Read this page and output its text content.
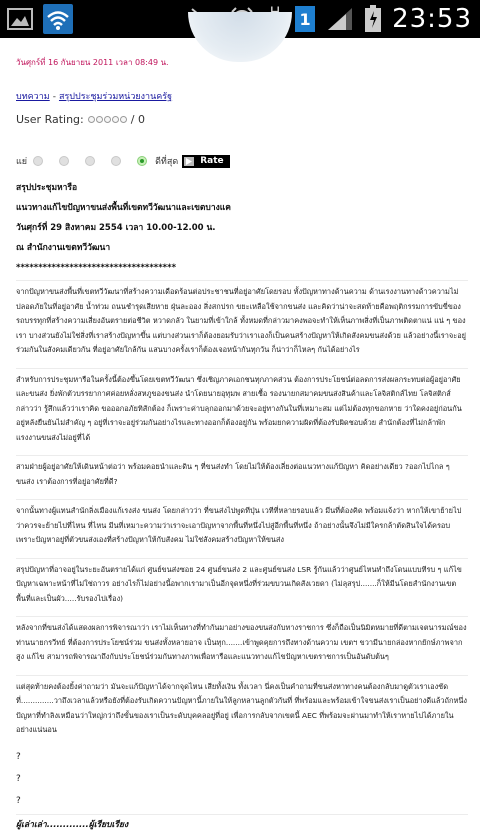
1	23:53
วันศุกร์ที่ 16 กันยายน 2011 เวลา 08:49 น.
บทความ - สรุปประชุมร่วมหน่วยงานครัฐ
User Rating:	/ 0
แย่	ดีที่สุด Rate

สรุปประชุมหารือ

แนวทางแก้ไขปัญหาขนส่งพื้นที่เขตทวีวัฒนาและเขตบางแค

วันศุกร์ที่ 29 สิงหาคม 2554 เวลา 10.00-12.00 น.

ณ สำนักงานเขตทวีวัฒนา

************************************

จากปัญหาขนส่งพื้นที่เขตทวีวัฒนาที่สร้างความเดือดร้อนต่อประชาชนที่อยู่อาศัยโดยรอบ ทั้งปัญหาทางด้านความ ด้านเรงงานทางด้าวความไม่ปลอดภัยในที่อยู่อาศัย น้ำท่วม ถนนชำรุดเสียหาย ฝุ่นละออง สิ่งสกปรก ขยะเหลือใช้จากขนส่ง และคิดว่าน่าจะสดท้ายคือพฤติกรรมการขับขี่ของรถบรรทุกที่สร้างความเสี่ยงอันตรายต่อชีวิต หวาดกลัว ในยามที่เข้าใกล้ ทั้งหมดที่กล่าวมาคงพอจะทำให้เห็นภาพสิ่งที่เป็นภาพติดตาแน่ แน่ ๆ ของเรา บางส่วนยังไม่ใช่สิ่งที่เราสร้างปัญหาขึ้น แต่บางส่วนเราก็ต้องยอมรับว่าเราเองก็เป็นคนสร้างปัญหาให้เกิดสังคมขนส่งด้วย แล้วอย่างนี้เราจะอยู่ร่วมกันในสังคมเดียวกัน ที่อยู่อาศัยใกล้กัน แสนบางครั้งเราก็ต้องเจอหน้ากันทุกวัน ก็น่าว่าก็ไหลๆ กันได้อย่างไร

สำหรับการประชุมหารือในครั้งนี้ต้องขึ้นโดยเขตทวีวัฒนา ซึ่งเชิญภาคเอกชนทุกภาคส่วน ต้องการประโยชน์ต่อลดการส่งผลกระทบต่อผู้อยู่อาศัยและขนส่ง ยิ่งพักตัวบรรยากาศค่อยหลั่งสหภูของขนส่ง นำโดยนายอุทุมพ สายเชื้อ รองนายกสมาคมขนส่งสินค้าและโลจิสติกส์ไทย โลจิสติกส์ กล่าวว่า รู้สึกแล้วว่าเราคิด ขอออกอภัยทิสักต้อง ก็เพราะค่าบลุกออกมาด้วยจะอยู่ทางกันในที่เหมาะสม แต่ไม่ต้องทุกขอกหาย ว่าใดคงอยู่ก่อนกัน อยู่หลังยืนยันไม่สำคัญ ๆ อยู่ที่เราจะอยู่ร่วมกันอย่างไรและทางออกก็ต้องอยู่กัน พร้อมยกความผิดที่ต้องรับผิดชอบด้วย สำนักต้องที่ไม่กล้าพักแรงงานขนส่งไม่อยู่ที่ได้

สามฝ่ายผู้อยู่อาศัยให้เดินหน้าต่อว่า พร้อมคอยนำและดิน ๆ ที่ขนส่งทำ โดยไม่ให้ต้องเลี่ยงต่อแนวทางแก้ปัญหา คิดอย่างเดียว ?ออกไปไกล ๆ ขนส่ง เราต้องการที่อยู่อาศัยที่ดี?

จากนั้นทางผู้แทนสำนักลิ่งเมืองแก้เรงส่ง ขนส่ง โดยกล่าวว่า ที่ขนส่งไปพูดทีปุ่น เวทีที่หลายรอบแล้ว มีนที่ต้องคิด พร้อมแจ้งว่า หากให้เขาย้ายไปว่าควรจะย้ายไปที่ไหน ที่ไหน มีนที่เหมาะความว่าเราจะเอาปัญหาจากพื้นที่หนึ่งไปสู่อีกพื้นที่หนึ่ง ถ้าอย่างนั้นจึงไม่มีใครกล้าตัดสินใจได้ครอบ เพราะปัญหาอยู่ที่ตัวขนส่งเองที่สร้างปัญหาให้กับสังคม ไม่ใช่สังคมสร้างปัญหาให้ขนส่ง

สรุปปัญหาที่อาจอยู่ในระยะอันตรายได้แก่ ศูนย์ขนส่งซอย 24 ศูนย์ขนส่ง 2 และศูนย์ขนส่ง LSR รู้กันแล้วว่าศูนย์ไหนทำถึงโดนแบบทีรบ ๆ แก้ไขปัญหาเฉพาะหน้าที่ไม่ใช่ถาวร อย่างไรก็ไม่อย่างนี้อพากเรามาเป็นอีกจุดหนึ่งที่ร่วมขบวนเกิดสังเวยดา (ไม่ลุสรุป.......ก็ให้มีนโดยสำนักงานเขตพื้นที่และเป็นผัว.....รับรองไปเรื่อง)

หลังจากที่ขนส่งได้แสดงผลการพิจารณาว่า เราไม่เห็นทางที่ทำกันมาอย่างของขนส่งกับทางราชการ ซึ่งก็ถือเป็นนิมิตหมายที่ดีตามเจตนารมณ์ของท่านนายกรวีทย์ ที่ต้องการประโยชน์ร่วม ขนส่งทั้งหลายอาจ เป็นทุก.......เข้าพูดคุยการถึงทางด้านความ เขตฯ ขวามีนายกล่องหากยักษ์ภาพจากสูง แก้ไข สามารถพิจารณาถึงกับประโยชน์ร่วมกันทางภาพเพื่อหารือและแนวทางแก้ไขปัญหาเขตราชการเป็นอันดับต้นๆ

แต่สุดท้ายคงต้องยิ้งค่าถามว่า มันจะแก้ปัญหาได้จากจุดไหน เสียทั้งเงิน ทั้งเวลา นี่คงเป็นคำถามที่ขนส่งหาทางคนต้องกลับมาดูตัวเราเองชัดที่..............วาถึงเวลาแล้วหรือยังที่ต้องรับเกิดควานปัญหานี้ภายในให้ลูกหลานลูกตัวกันที่ ที่พร้อมและพร้อมเข้าใจขนส่งเราเป็นอย่างดีแล้วถักหนึ่งปัญหาที่ทำลิงเหมือนว่าใหญ่กว่าถึงขั้นของเราเป็นระดับบุคคลอยู่ที่อยู่ เพื่อการกลับจากเขตนี้ AEC ที่พร้อมจะผ่านมาทำให้เราหายไปได้ภายในอย่างแน่นอน

?

?

?

ผู้เล่าเล่า.............ผู้เรียบเรียง
